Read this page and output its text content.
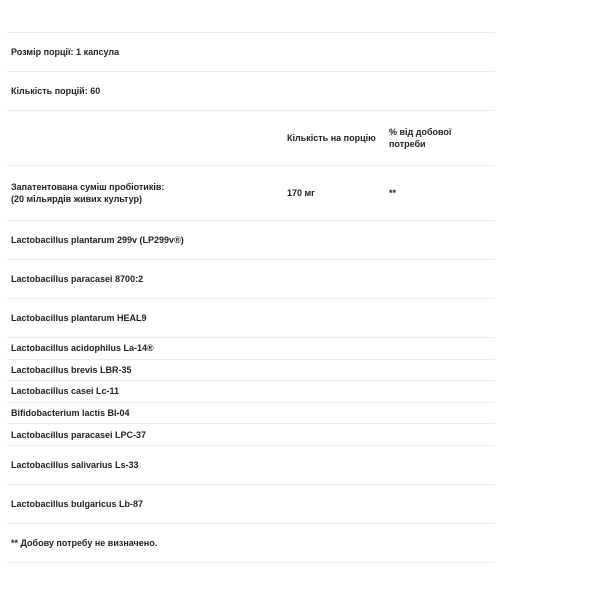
Розмір порції: 1 капсула
Кількість порцій: 60
Кількість на порцію
% від добової
потреби
Запатентована суміш пробіотиків:
(20 мільярдів живих культур)
170 мг	**
Lactobacillus plantarum 299v (LP299v®)
Lactobacillus paracasei 8700:2
Lactobacillus plantarum HEAL9
Lactobacillus acidophilus La-14®
Lactobacillus brevis LBR-35
Lactobacillus casei Lc-11
Bifidobacterium lactis Bl-04
Lactobacillus paracasei LPC-37
Lactobacillus salivarius Ls-33
Lactobacillus bulgaricus Lb-87
** Добову потребу не визначено.
